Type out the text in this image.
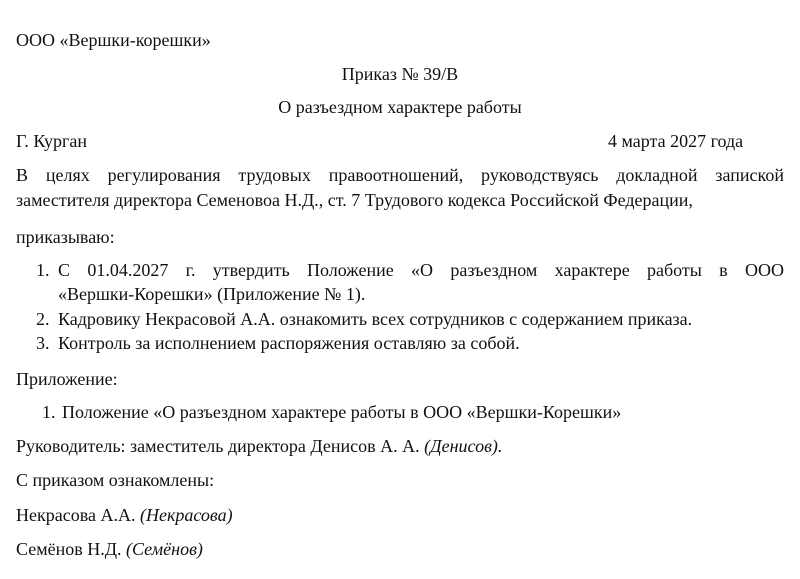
ООО «Вершки-корешки»
Приказ № 39/В
О разъездном характере работы
Г. Курган	4 марта 2027 года
В целях регулирования трудовых правоотношений, руководствуясь докладной запиской
заместителя директора Семеновоа Н.Д., ст. 7 Трудового кодекса Российской Федерации,
приказываю:
1. С 01.04.2027 г. утвердить Положение «О разъездном характере работы в ООО
«Вершки-Корешки» (Приложение № 1).
2. Кадровику Некрасовой А.А. ознакомить всех сотрудников с содержанием приказа.
3. Контроль за исполнением распоряжения оставляю за собой.
Приложение:
1. Положение «О разъездном характере работы в ООО «Вершки-Корешки»
Руководитель: заместитель директора Денисов А. А. (Денисов).
С приказом ознакомлены:
Некрасова А.А. (Некрасова)
Семёнов Н.Д. (Семёнов)
